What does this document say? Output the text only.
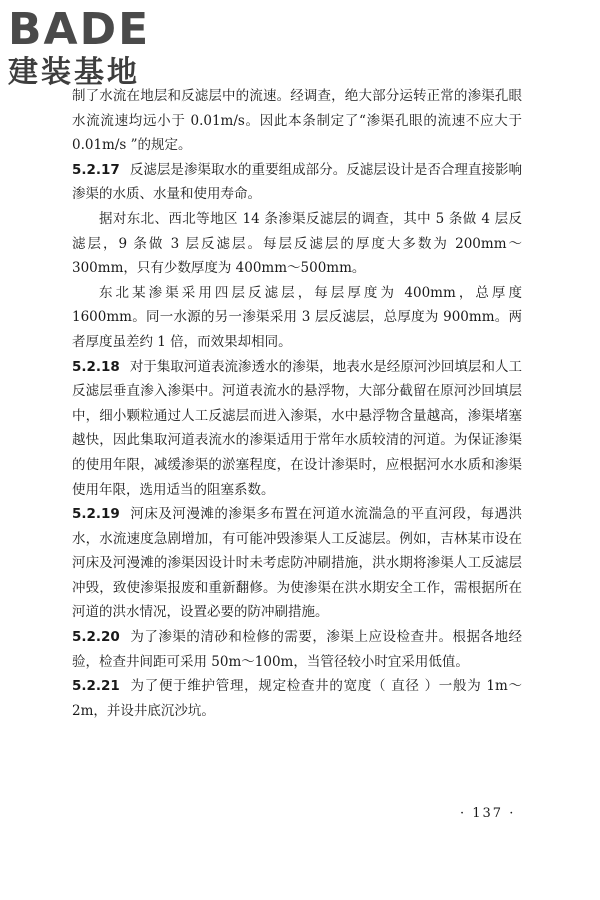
BADE
建装基地

制了水流在地层和反滤层中的流速。经调查，绝大部分运转正常的渗渠孔眼水流流速均远小于 0.01m/s。因此本条制定了“渗渠孔眼的流速不应大于 0.01m/s ”的规定。

5.2.17 反滤层是渗渠取水的重要组成部分。反滤层设计是否合理直接影响渗渠的水质、水量和使用寿命。

据对东北、西北等地区 14 条渗渠反滤层的调查，其中 5 条做 4 层反滤层，9 条做 3 层反滤层。每层反滤层的厚度大多数为 200mm～300mm，只有少数厚度为 400mm～500mm。

东北某渗渠采用四层反滤层，每层厚度为 400mm，总厚度 1600mm。同一水源的另一渗渠采用 3 层反滤层，总厚度为 900mm。两者厚度虽差约 1 倍，而效果却相同。

5.2.18 对于集取河道表流渗透水的渗渠，地表水是经原河沙回填层和人工反滤层垂直渗入渗渠中。河道表流水的悬浮物，大部分截留在原河沙回填层中，细小颗粒通过人工反滤层而进入渗渠，水中悬浮物含量越高，渗渠堵塞越快，因此集取河道表流水的渗渠适用于常年水质较清的河道。为保证渗渠的使用年限，减缓渗渠的淤塞程度，在设计渗渠时，应根据河水水质和渗渠使用年限，选用适当的阻塞系数。

5.2.19 河床及河漫滩的渗渠多布置在河道水流湍急的平直河段，每遇洪水，水流速度急剧增加，有可能冲毁渗渠人工反滤层。例如，吉林某市设在河床及河漫滩的渗渠因设计时未考虑防冲刷措施，洪水期将渗渠人工反滤层冲毁，致使渗渠报废和重新翻修。为使渗渠在洪水期安全工作，需根据所在河道的洪水情况，设置必要的防冲刷措施。

5.2.20 为了渗渠的清砂和检修的需要，渗渠上应设检查井。根据各地经验，检查井间距可采用 50m～100m，当管径较小时宜采用低值。

5.2.21 为了便于维护管理，规定检查井的宽度（ 直径 ）一般为 1m～2m，并设井底沉沙坑。

· 137 ·
